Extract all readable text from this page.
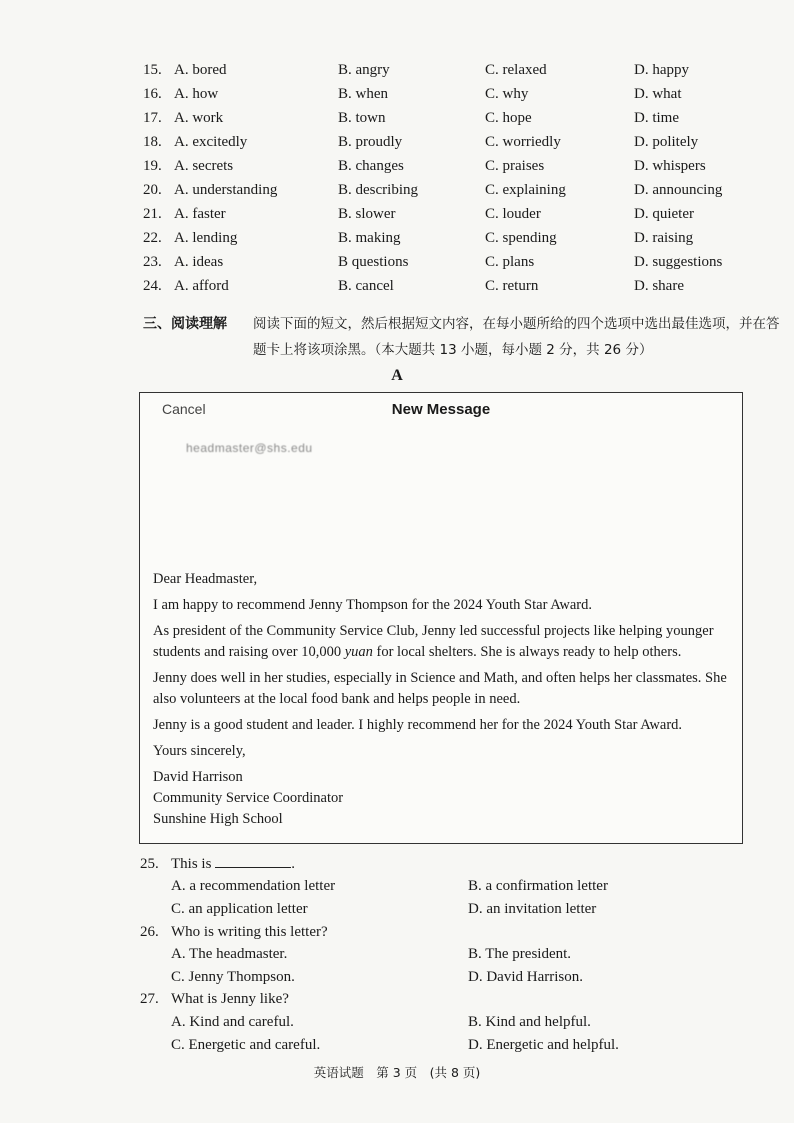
15. A. bored	B. angry	C. relaxed	D. happy
16. A. how	B. when	C. why	D. what
17. A. work	B. town	C. hope	D. time
18. A. excitedly	B. proudly	C. worriedly	D. politely
19. A. secrets	B. changes	C. praises	D. whispers
20. A. understanding	B. describing	C. explaining	D. announcing
21. A. faster	B. slower	C. louder	D. quieter
22. A. lending	B. making	C. spending	D. raising
23. A. ideas	B questions	C. plans	D. suggestions
24. A. afford	B. cancel	C. return	D. share
三、阅读理解	阅读下面的短文，然后根据短文内容，在每小题所给的四个选项中选出最佳选项，并在答题卡上将该项涂黑。（本大题共 13 小题，每小题 2 分，共 26 分）
A
Cancel	New Message
headmaster@shs.edu

Dear Headmaster,

I am happy to recommend Jenny Thompson for the 2024 Youth Star Award.

As president of the Community Service Club, Jenny led successful projects like helping younger students and raising over 10,000 yuan for local shelters. She is always ready to help others.

Jenny does well in her studies, especially in Science and Math, and often helps her classmates. She also volunteers at the local food bank and helps people in need.

Jenny is a good student and leader. I highly recommend her for the 2024 Youth Star Award.

Yours sincerely,

David Harrison
Community Service Coordinator
Sunshine High School
25. This is	.
A. a recommendation letter	B. a confirmation letter
C. an application letter	D. an invitation letter
26. Who is writing this letter?
A. The headmaster.	B. The president.
C. Jenny Thompson.	D. David Harrison.
27. What is Jenny like?
A. Kind and careful.	B. Kind and helpful.
C. Energetic and careful.	D. Energetic and helpful.
英语试题　第 3 页　(共 8 页)
